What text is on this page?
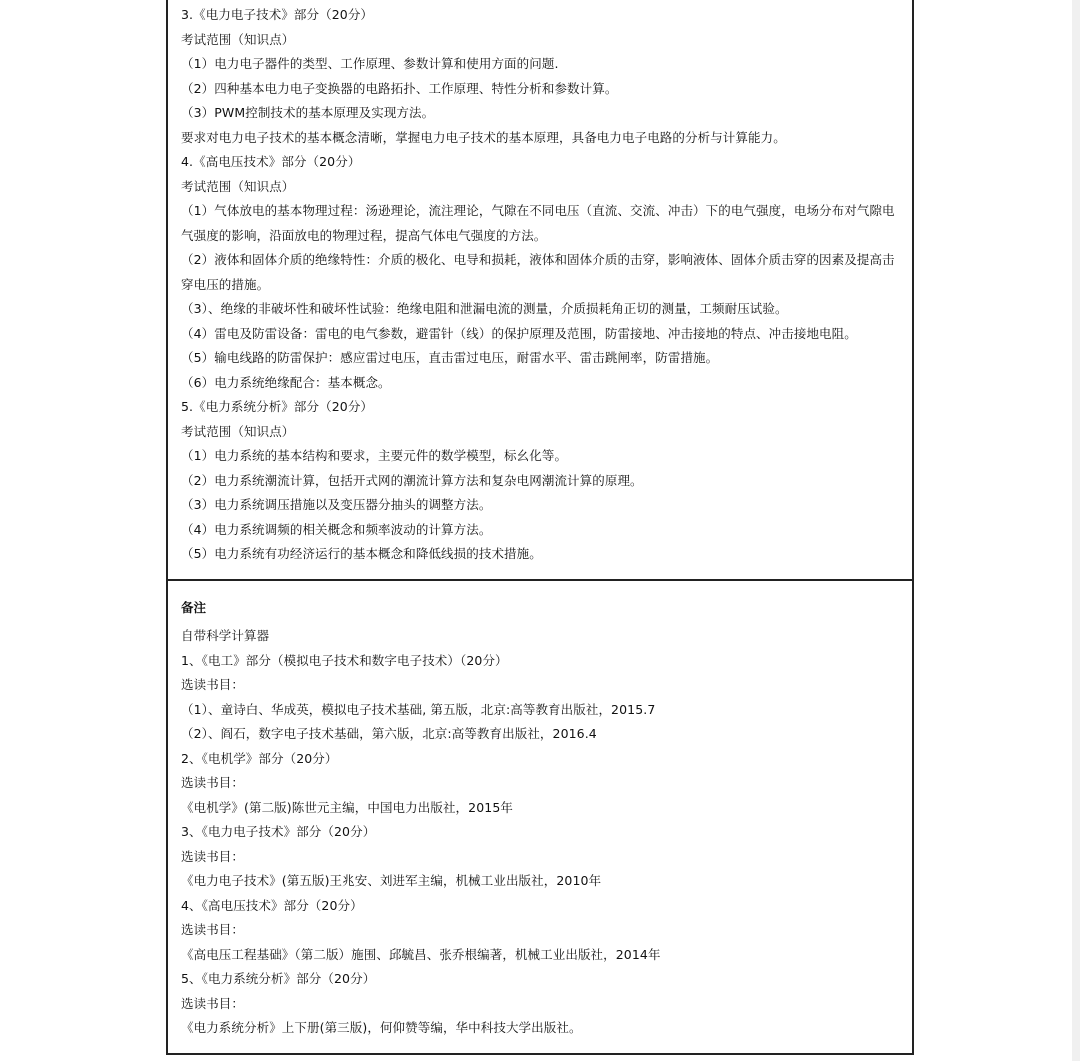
3.《电力电子技术》部分（20分）
考试范围（知识点）
（1）电力电子器件的类型、工作原理、参数计算和使用方面的问题.
（2）四种基本电力电子变换器的电路拓扑、工作原理、特性分析和参数计算。
（3）PWM控制技术的基本原理及实现方法。
要求对电力电子技术的基本概念清晰，掌握电力电子技术的基本原理，具备电力电子电路的分析与计算能力。
4.《高电压技术》部分（20分）
考试范围（知识点）
（1）气体放电的基本物理过程：汤逊理论，流注理论，气隙在不同电压（直流、交流、冲击）下的电气强度，电场分布对气隙电气强度的影响，沿面放电的物理过程，提高气体电气强度的方法。
（2）液体和固体介质的绝缘特性：介质的极化、电导和损耗，液体和固体介质的击穿，影响液体、固体介质击穿的因素及提高击穿电压的措施。
（3）、绝缘的非破坏性和破坏性试验：绝缘电阻和泄漏电流的测量，介质损耗角正切的测量，工频耐压试验。
（4）雷电及防雷设备：雷电的电气参数，避雷针（线）的保护原理及范围，防雷接地、冲击接地的特点、冲击接地电阻。
（5）输电线路的防雷保护：感应雷过电压，直击雷过电压，耐雷水平、雷击跳闸率，防雷措施。
（6）电力系统绝缘配合：基本概念。
5.《电力系统分析》部分（20分）
考试范围（知识点）
（1）电力系统的基本结构和要求，主要元件的数学模型，标幺化等。
（2）电力系统潮流计算，包括开式网的潮流计算方法和复杂电网潮流计算的原理。
（3）电力系统调压措施以及变压器分抽头的调整方法。
（4）电力系统调频的相关概念和频率波动的计算方法。
（5）电力系统有功经济运行的基本概念和降低线损的技术措施。
备注
自带科学计算器
1、《电工》部分（模拟电子技术和数字电子技术）（20分）
选读书目：
（1）、童诗白、华成英，模拟电子技术基础, 第五版，北京:高等教育出版社，2015.7
（2）、阎石，数字电子技术基础，第六版，北京:高等教育出版社，2016.4
2、《电机学》部分（20分）
选读书目：
《电机学》(第二版)陈世元主编，中国电力出版社，2015年
3、《电力电子技术》部分（20分）
选读书目：
《电力电子技术》(第五版)王兆安、刘进军主编，机械工业出版社，2010年
4、《高电压技术》部分（20分）
选读书目：
《高电压工程基础》（第二版）施围、邱毓昌、张乔根编著，机械工业出版社，2014年
5、《电力系统分析》部分（20分）
选读书目：
《电力系统分析》上下册(第三版)，何仰赞等编，华中科技大学出版社。
